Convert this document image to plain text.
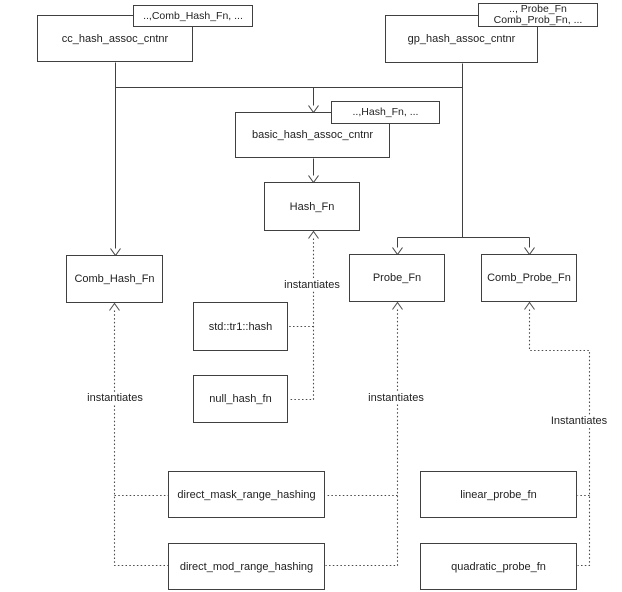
cc_hash_assoc_cntnr	gp_hash_assoc_cntnr
basic_hash_assoc_cntnr
Hash_Fn
Comb_Hash_Fn	Probe_Fn	Comb_Probe_Fn
std::tr1::hash
null_hash_fn
direct_mask_range_hashing
direct_mod_range_hashing
linear_probe_fn
quadratic_probe_fn
..,Comb_Hash_Fn, ...
.., Probe_Fn
Comb_Prob_Fn, ...
..,Hash_Fn, ...
instantiates
instantiates
instantiates
Instantiates
